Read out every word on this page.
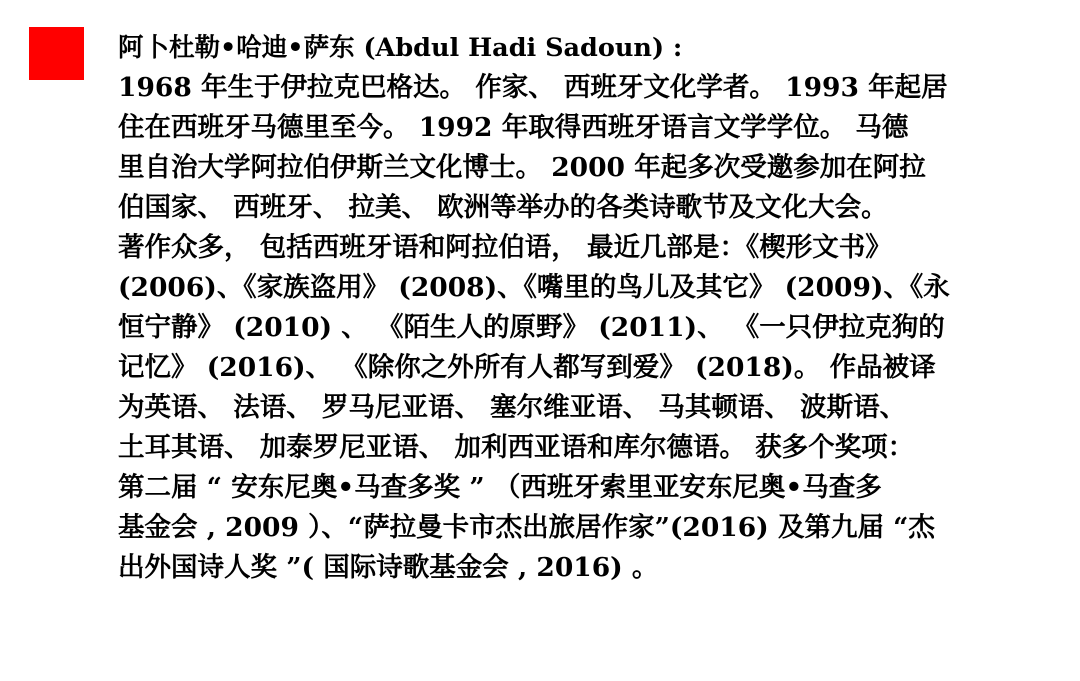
阿卜杜勒•哈迪•萨东 (Abdul Hadi Sadoun) :
1968 年生于伊拉克巴格达。 作家、 西班牙文化学者。 1993 年起居
住在西班牙马德里至今。 1992 年取得西班牙语言文学学位。 马德
里自治大学阿拉伯伊斯兰文化博士。 2000 年起多次受邀参加在阿拉
伯国家、 西班牙、 拉美、 欧洲等举办的各类诗歌节及文化大会。
著作众多， 包括西班牙语和阿拉伯语， 最近几部是：《楔形文书》
(2006)、《家族盗用》 (2008)、《嘴里的鸟儿及其它》 (2009)、《永
恒宁静》 (2010) 、 《陌生人的原野》 (2011)、 《一只伊拉克狗的
记忆》 (2016)、 《除你之外所有人都写到爱》 (2018)。 作品被译
为英语、 法语、 罗马尼亚语、 塞尔维亚语、 马其顿语、 波斯语、
土耳其语、 加泰罗尼亚语、 加利西亚语和库尔德语。 获多个奖项：
第二届 “ 安东尼奥•马查多奖 ” （西班牙索里亚安东尼奥•马查多
基金会 , 2009 ）、“萨拉曼卡市杰出旅居作家”(2016) 及第九届 “杰
出外国诗人奖 ”( 国际诗歌基金会 , 2016) 。
